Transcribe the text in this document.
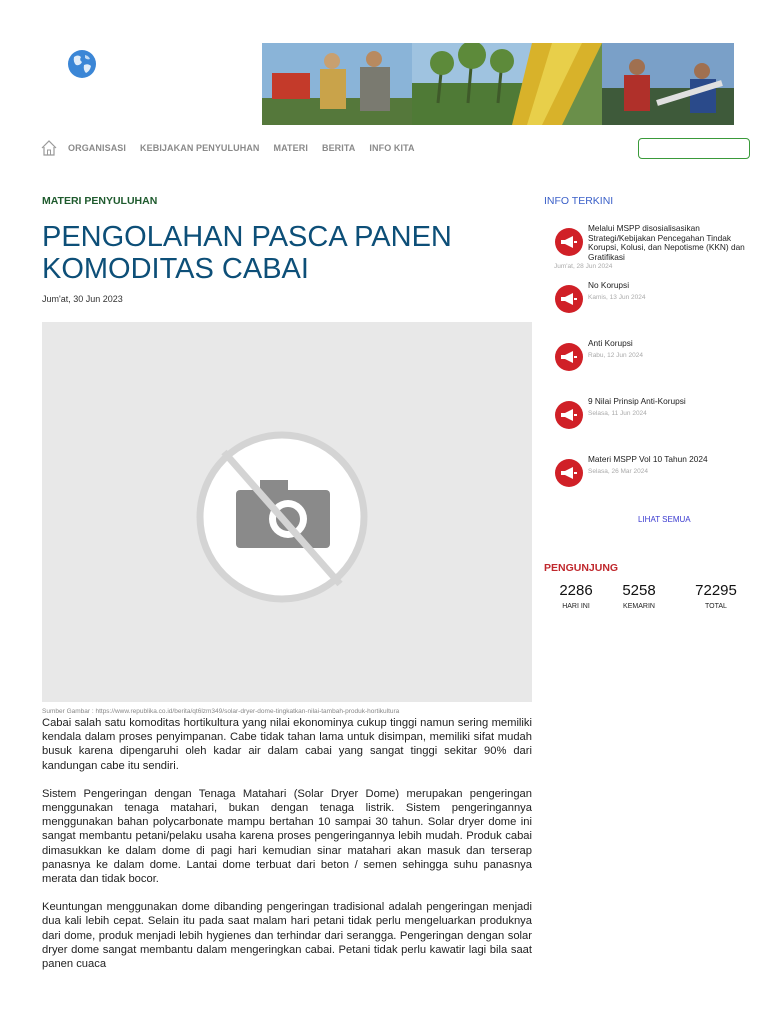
ORGANISASI KEBIJAKAN PENYULUHAN MATERI BERITA INFO KITA
MATERI PENYULUHAN
PENGOLAHAN PASCA PANEN KOMODITAS CABAI
Jum'at, 30 Jun 2023
Sumber Gambar : https://www.republika.co.id/berita/qt6lzm349/solar-dryer-dome-tingkatkan-nilai-tambah-produk-hortikultura

Cabai salah satu komoditas hortikultura yang nilai ekonominya cukup tinggi namun sering memiliki kendala dalam proses penyimpanan. Cabe tidak tahan lama untuk disimpan, memiliki sifat mudah busuk karena dipengaruhi oleh kadar air dalam cabai yang sangat tinggi sekitar 90% dari kandungan cabe itu sendiri.

Sistem Pengeringan dengan Tenaga Matahari (Solar Dryer Dome) merupakan pengeringan menggunakan tenaga matahari, bukan dengan tenaga listrik. Sistem pengeringannya menggunakan bahan polycarbonate mampu bertahan 10 sampai 30 tahun. Solar dryer dome ini sangat membantu petani/pelaku usaha karena proses pengeringannya lebih mudah. Produk cabai dimasukkan ke dalam dome di pagi hari kemudian sinar matahari akan masuk dan terserap panasnya ke dalam dome. Lantai dome terbuat dari beton / semen sehingga suhu panasnya merata dan tidak bocor.

Keuntungan menggunakan dome dibanding pengeringan tradisional adalah pengeringan menjadi dua kali lebih cepat. Selain itu pada saat malam hari petani tidak perlu mengeluarkan produknya dari dome, produk menjadi lebih hygienes dan terhindar dari serangga. Pengeringan dengan solar dryer dome sangat membantu dalam mengeringkan cabai. Petani tidak perlu kawatir lagi bila saat panen cuaca

INFO TERKINI
Melalui MSPP disosialisasikan Strategi/Kebijakan Pencegahan Tindak Korupsi, Kolusi, dan Nepotisme (KKN) dan Gratifikasi
Jum'at, 28 Jun 2024
No Korupsi
Kamis, 13 Jun 2024
Anti Korupsi
Rabu, 12 Jun 2024
9 Nilai Prinsip Anti-Korupsi
Selasa, 11 Jun 2024
Materi MSPP Vol 10 Tahun 2024
Selasa, 26 Mar 2024
LIHAT SEMUA
PENGUNJUNG
2286
HARI INI
5258
KEMARIN
72295
TOTAL
